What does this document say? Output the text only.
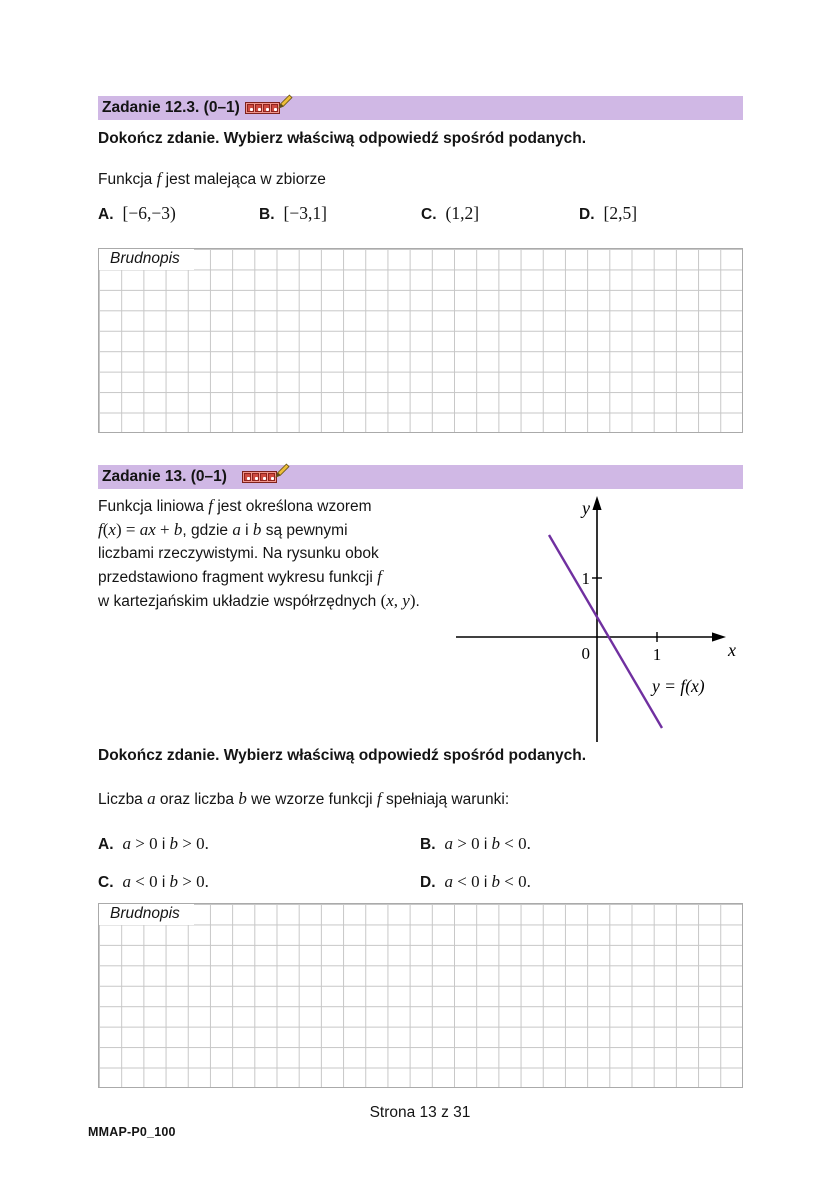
Zadanie 12.3. (0–1)
Dokończ zdanie. Wybierz właściwą odpowiedź spośród podanych.
Funkcja f jest malejąca w zbiorze
A. [−6,−3)	B. [−3,1]	C. (1,2]	D. [2,5]
Brudnopis
Zadanie 13. (0–1)
Funkcja liniowa f jest określona wzorem
f(x) = ax + b, gdzie a i b są pewnymi
liczbami rzeczywistymi. Na rysunku obok
przedstawiono fragment wykresu funkcji f
w kartezjańskim układzie współrzędnych (x, y).
y
x
0	1
1
y = f(x)
Dokończ zdanie. Wybierz właściwą odpowiedź spośród podanych.
Liczba a oraz liczba b we wzorze funkcji f spełniają warunki:
A. a > 0 i b > 0.	B. a > 0 i b < 0.
C. a < 0 i b > 0.	D. a < 0 i b < 0.
Brudnopis
Strona 13 z 31
MMAP-P0_100
